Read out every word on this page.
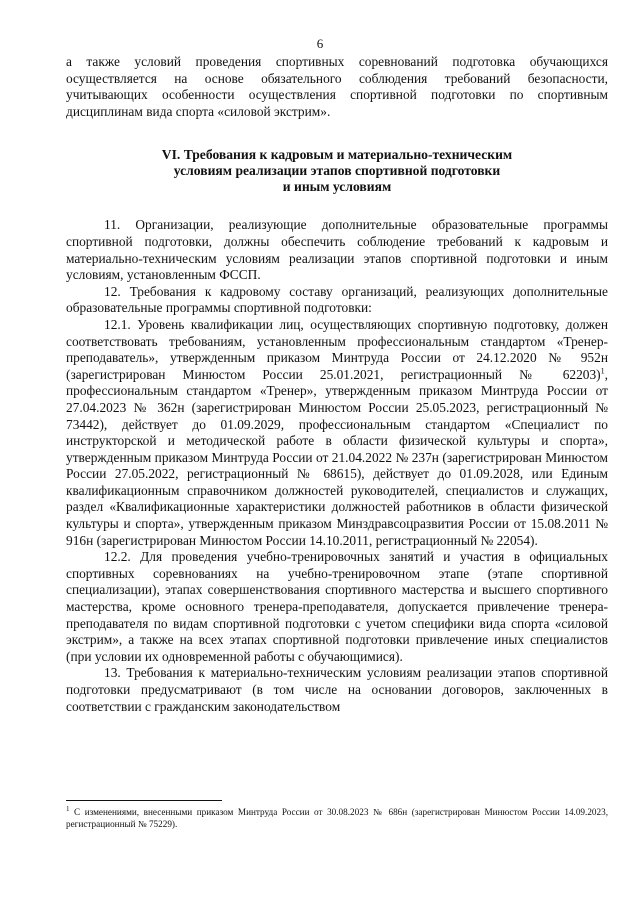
6

а также условий проведения спортивных соревнований подготовка обучающихся осуществляется на основе обязательного соблюдения требований безопасности, учитывающих особенности осуществления спортивной подготовки по спортивным дисциплинам вида спорта «силовой экстрим».

VI. Требования к кадровым и материально-техническим
условиям реализации этапов спортивной подготовки
и иным условиям

11. Организации, реализующие дополнительные образовательные программы спортивной подготовки, должны обеспечить соблюдение требований к кадровым и материально-техническим условиям реализации этапов спортивной подготовки и иным условиям, установленным ФССП.

12. Требования к кадровому составу организаций, реализующих дополнительные образовательные программы спортивной подготовки:

12.1. Уровень квалификации лиц, осуществляющих спортивную подготовку, должен соответствовать требованиям, установленным профессиональным стандартом «Тренер-преподаватель», утвержденным приказом Минтруда России от 24.12.2020 № 952н (зарегистрирован Минюстом России 25.01.2021, регистрационный № 62203)$^1$, профессиональным стандартом «Тренер», утвержденным приказом Минтруда России от 27.04.2023 № 362н (зарегистрирован Минюстом России 25.05.2023, регистрационный № 73442), действует до 01.09.2029, профессиональным стандартом «Специалист по инструкторской и методической работе в области физической культуры и спорта», утвержденным приказом Минтруда России от 21.04.2022 № 237н (зарегистрирован Минюстом России 27.05.2022, регистрационный № 68615), действует до 01.09.2028, или Единым квалификационным справочником должностей руководителей, специалистов и служащих, раздел «Квалификационные характеристики должностей работников в области физической культуры и спорта», утвержденным приказом Минздравсоцразвития России от 15.08.2011 № 916н (зарегистрирован Минюстом России 14.10.2011, регистрационный № 22054).

12.2. Для проведения учебно-тренировочных занятий и участия в официальных спортивных соревнованиях на учебно-тренировочном этапе (этапе спортивной специализации), этапах совершенствования спортивного мастерства и высшего спортивного мастерства, кроме основного тренера-преподавателя, допускается привлечение тренера-преподавателя по видам спортивной подготовки с учетом специфики вида спорта «силовой экстрим», а также на всех этапах спортивной подготовки привлечение иных специалистов (при условии их одновременной работы с обучающимися).

13. Требования к материально-техническим условиям реализации этапов спортивной подготовки предусматривают (в том числе на основании договоров, заключенных в соответствии с гражданским законодательством

$^1$ С изменениями, внесенными приказом Минтруда России от 30.08.2023 № 686н (зарегистрирован Минюстом России 14.09.2023, регистрационный № 75229).
